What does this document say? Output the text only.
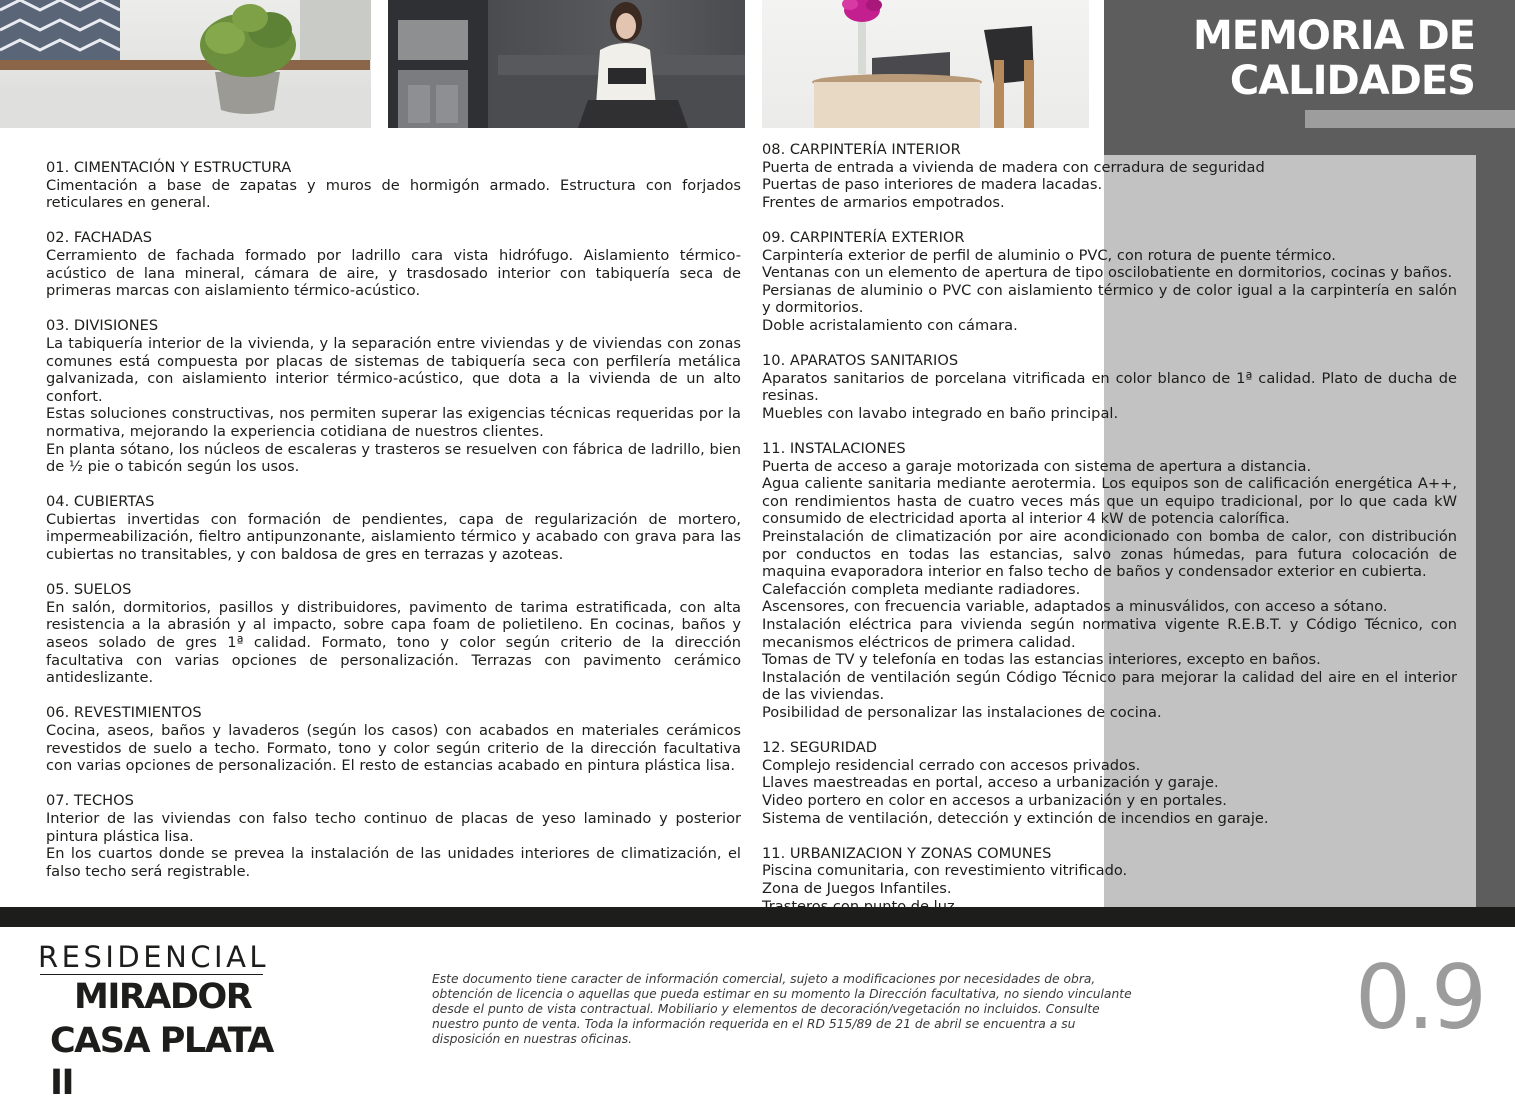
MEMORIA DE
CALIDADES
01. CIMENTACIÓN Y ESTRUCTURA
Cimentación a base de zapatas y muros de hormigón armado. Estructura con forjados reticulares en general.
02. FACHADAS
Cerramiento de fachada formado por ladrillo cara vista hidrófugo. Aislamiento térmico-acústico de lana mineral, cámara de aire, y trasdosado interior con tabiquería seca de primeras marcas con aislamiento térmico-acústico.
03. DIVISIONES
La tabiquería interior de la vivienda, y la separación entre viviendas y de viviendas con zonas comunes está compuesta por placas de sistemas de tabiquería seca con perfilería metálica galvanizada, con aislamiento interior térmico-acústico, que dota a la vivienda de un alto confort.
Estas soluciones constructivas, nos permiten superar las exigencias técnicas requeridas por la normativa, mejorando la experiencia cotidiana de nuestros clientes.
En planta sótano, los núcleos de escaleras y trasteros se resuelven con fábrica de ladrillo, bien de ½ pie o tabicón según los usos.
04. CUBIERTAS
Cubiertas invertidas con formación de pendientes, capa de regularización de mortero, impermeabilización, fieltro antipunzonante, aislamiento térmico y acabado con grava para las cubiertas no transitables, y con baldosa de gres en terrazas y azoteas.
05. SUELOS
En salón, dormitorios, pasillos y distribuidores, pavimento de tarima estratificada, con alta resistencia a la abrasión y al impacto, sobre capa foam de polietileno. En cocinas, baños y aseos solado de gres 1ª calidad. Formato, tono y color según criterio de la dirección facultativa con varias opciones de personalización. Terrazas con pavimento cerámico antideslizante.
06. REVESTIMIENTOS
Cocina, aseos, baños y lavaderos (según los casos) con acabados en materiales cerámicos revestidos de suelo a techo. Formato, tono y color según criterio de la dirección facultativa con varias opciones de personalización. El resto de estancias acabado en pintura plástica lisa.
07. TECHOS
Interior de las viviendas con falso techo continuo de placas de yeso laminado y posterior pintura plástica lisa.
En los cuartos donde se prevea la instalación de las unidades interiores de climatización, el falso techo será registrable.
08. CARPINTERÍA INTERIOR
Puerta de entrada a vivienda de madera con cerradura de seguridad
Puertas de paso interiores de madera lacadas.
Frentes de armarios empotrados.
09. CARPINTERÍA EXTERIOR
Carpintería exterior de perfil de aluminio o PVC, con rotura de puente térmico.
Ventanas con un elemento de apertura de tipo oscilobatiente en dormitorios, cocinas y baños.
Persianas de aluminio o PVC con aislamiento térmico y de color igual a la carpintería en salón y dormitorios.
Doble acristalamiento con cámara.
10. APARATOS SANITARIOS
Aparatos sanitarios de porcelana vitrificada en color blanco de 1ª calidad. Plato de ducha de resinas.
Muebles con lavabo integrado en baño principal.
11. INSTALACIONES
Puerta de acceso a garaje motorizada con sistema de apertura a distancia.
Agua caliente sanitaria mediante aerotermia. Los equipos son de calificación energética A++, con rendimientos hasta de cuatro veces más que un equipo tradicional, por lo que cada kW consumido de electricidad aporta al interior 4 kW de potencia calorífica.
Preinstalación de climatización por aire acondicionado con bomba de calor, con distribución por conductos en todas las estancias, salvo zonas húmedas, para futura colocación de maquina evaporadora interior en falso techo de baños y condensador exterior en cubierta.
Calefacción completa mediante radiadores.
Ascensores, con frecuencia variable, adaptados a minusválidos, con acceso a sótano.
Instalación eléctrica para vivienda según normativa vigente R.E.B.T. y Código Técnico, con mecanismos eléctricos de primera calidad.
Tomas de TV y telefonía en todas las estancias interiores, excepto en baños.
Instalación de ventilación según Código Técnico para mejorar la calidad del aire en el interior de las viviendas.
Posibilidad de personalizar las instalaciones de cocina.
12. SEGURIDAD
Complejo residencial cerrado con accesos privados.
Llaves maestreadas en portal, acceso a urbanización y garaje.
Video portero en color en accesos a urbanización y en portales.
Sistema de ventilación, detección y extinción de incendios en garaje.
11. URBANIZACION Y ZONAS COMUNES
Piscina comunitaria, con revestimiento vitrificado.
Zona de Juegos Infantiles.
RESIDENCIAL
MIRADOR
CASA PLATA II
Este documento tiene caracter de información comercial, sujeto a modificaciones por necesidades de obra, obtención de licencia o aquellas que pueda estimar en su momento la Dirección facultativa, no siendo vinculante desde el punto de vista contractual. Mobiliario y elementos de decoración/vegetación no incluidos. Consulte nuestro punto de venta. Toda la información requerida en el RD 515/89 de 21 de abril se encuentra a su disposición en nuestras oficinas.	0.9
